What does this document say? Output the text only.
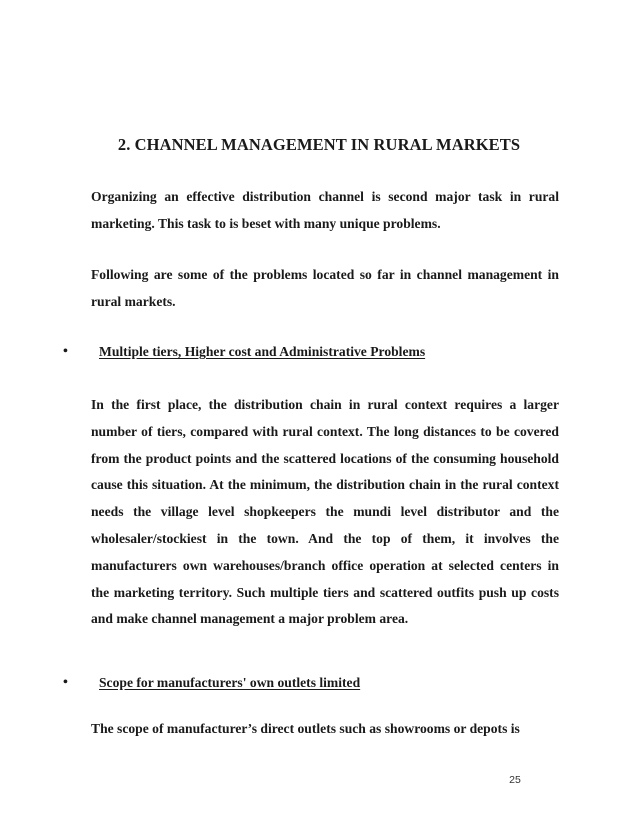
2. CHANNEL MANAGEMENT IN RURAL MARKETS

Organizing an effective distribution channel is second major task in rural marketing. This task to is beset with many unique problems.

Following are some of the problems located so far in channel management in rural markets.

• Multiple tiers, Higher cost and Administrative Problems

In the first place, the distribution chain in rural context requires a larger number of tiers, compared with rural context. The long distances to be covered from the product points and the scattered locations of the consuming household cause this situation. At the minimum, the distribution chain in the rural context needs the village level shopkeepers the mundi level distributor and the wholesaler/stockiest in the town. And the top of them, it involves the manufacturers own warehouses/branch office operation at selected centers in the marketing territory. Such multiple tiers and scattered outfits push up costs and make channel management a major problem area.

• Scope for manufacturers' own outlets limited

The scope of manufacturer’s direct outlets such as showrooms or depots is

25
